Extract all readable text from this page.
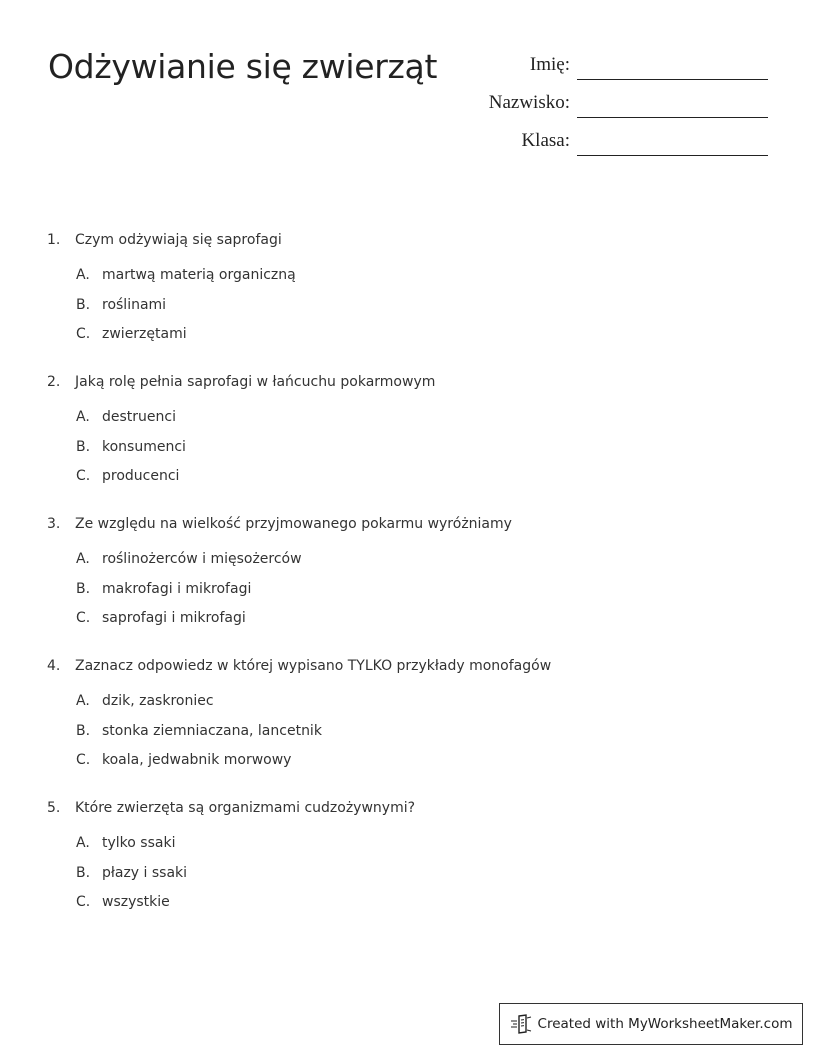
Odżywianie się zwierząt	Imię:
Nazwisko:
Klasa:
1.	Czym odżywiają się saprofagi
A. martwą materią organiczną
B. roślinami
C. zwierzętami
2.	Jaką rolę pełnia saprofagi w łańcuchu pokarmowym
A. destruenci
B. konsumenci
C. producenci
3.	Ze względu na wielkość przyjmowanego pokarmu wyróżniamy
A. roślinożerców i mięsożerców
B. makrofagi i mikrofagi
C. saprofagi i mikrofagi
4.	Zaznacz odpowiedz w której wypisano TYLKO przykłady monofagów
A. dzik, zaskroniec
B. stonka ziemniaczana, lancetnik
C. koala, jedwabnik morwowy
5.	Które zwierzęta są organizmami cudzożywnymi?
A. tylko ssaki
B. płazy i ssaki
C. wszystkie
Created with MyWorksheetMaker.com
